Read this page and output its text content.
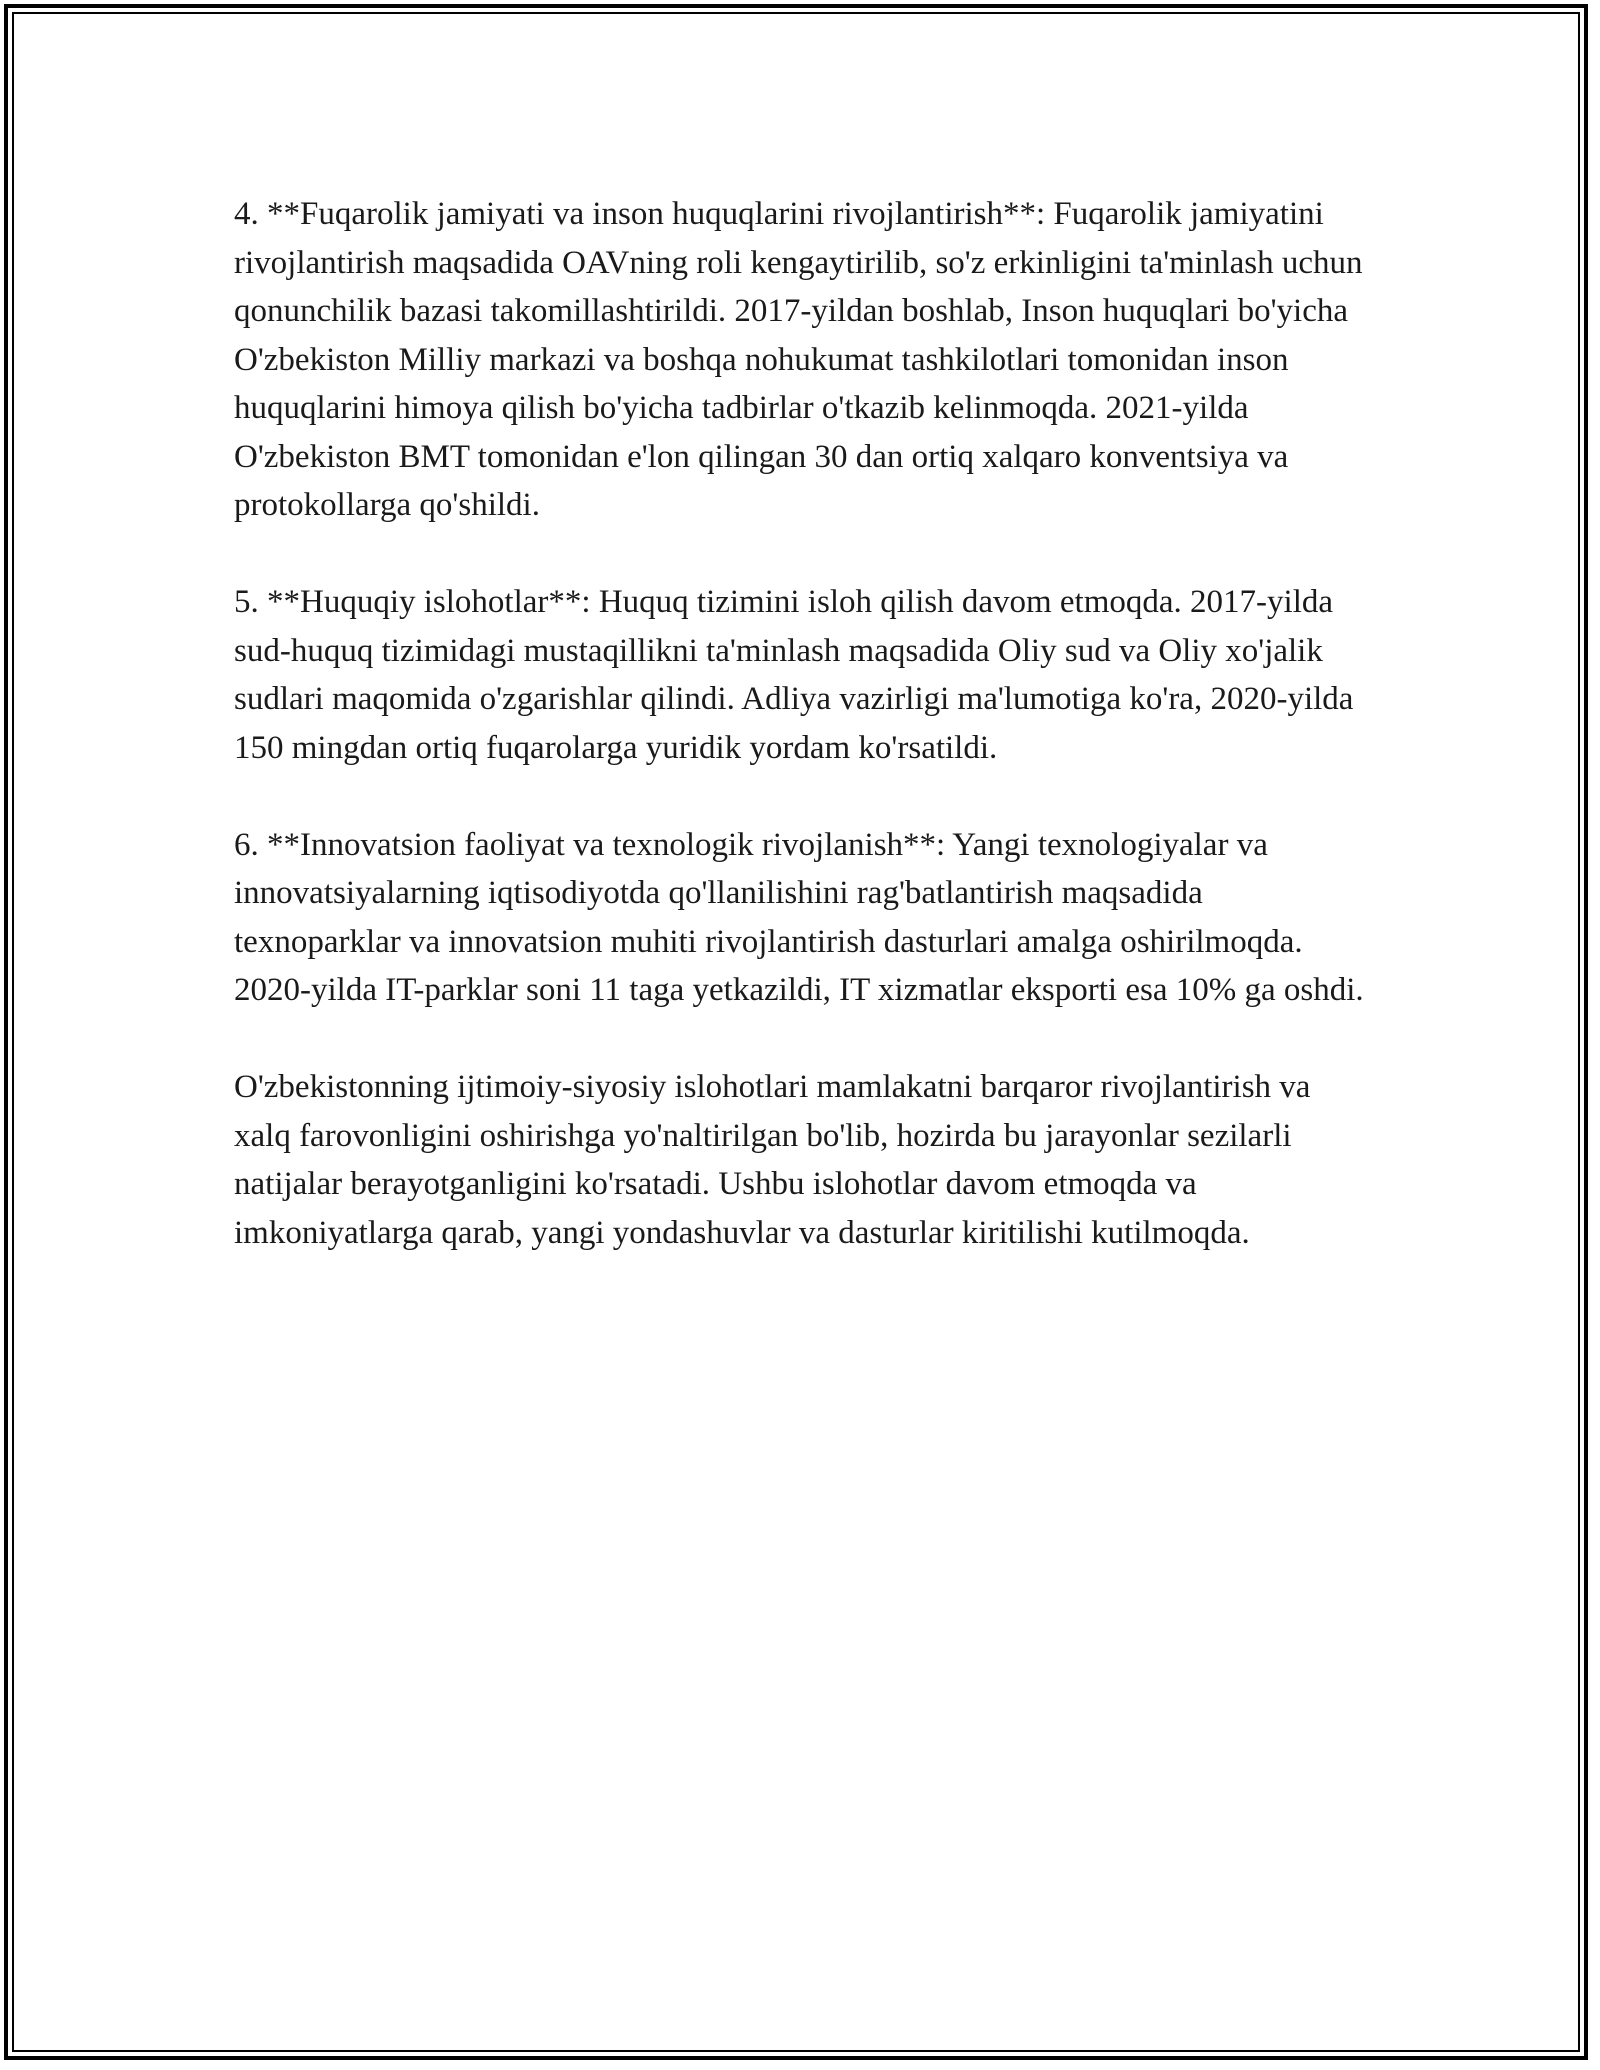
4. **Fuqarolik jamiyati va inson huquqlarini rivojlantirish**: Fuqarolik jamiyatini rivojlantirish maqsadida OAVning roli kengaytirilib, so'z erkinligini ta'minlash uchun qonunchilik bazasi takomillashtirildi. 2017-yildan boshlab, Inson huquqlari bo'yicha O'zbekiston Milliy markazi va boshqa nohukumat tashkilotlari tomonidan inson huquqlarini himoya qilish bo'yicha tadbirlar o'tkazib kelinmoqda. 2021-yilda O'zbekiston BMT tomonidan e'lon qilingan 30 dan ortiq xalqaro konventsiya va protokollarga qo'shildi.

5. **Huquqiy islohotlar**: Huquq tizimini isloh qilish davom etmoqda. 2017-yilda sud-huquq tizimidagi mustaqillikni ta'minlash maqsadida Oliy sud va Oliy xo'jalik sudlari maqomida o'zgarishlar qilindi. Adliya vazirligi ma'lumotiga ko'ra, 2020-yilda 150 mingdan ortiq fuqarolarga yuridik yordam ko'rsatildi.

6. **Innovatsion faoliyat va texnologik rivojlanish**: Yangi texnologiyalar va innovatsiyalarning iqtisodiyotda qo'llanilishini rag'batlantirish maqsadida texnoparklar va innovatsion muhiti rivojlantirish dasturlari amalga oshirilmoqda. 2020-yilda IT-parklar soni 11 taga yetkazildi, IT xizmatlar eksporti esa 10% ga oshdi.

O'zbekistonning ijtimoiy-siyosiy islohotlari mamlakatni barqaror rivojlantirish va xalq farovonligini oshirishga yo'naltirilgan bo'lib, hozirda bu jarayonlar sezilarli natijalar berayotganligini ko'rsatadi. Ushbu islohotlar davom etmoqda va imkoniyatlarga qarab, yangi yondashuvlar va dasturlar kiritilishi kutilmoqda.
